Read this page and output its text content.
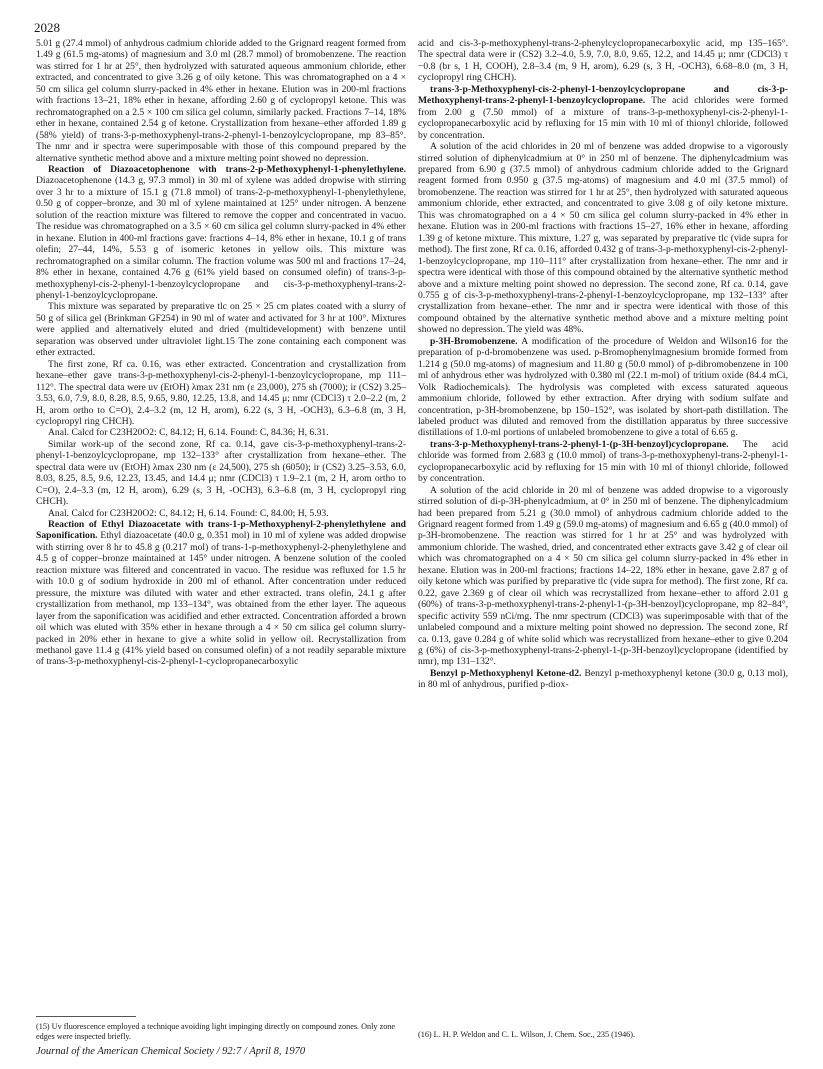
2028

5.01 g (27.4 mmol) of anhydrous cadmium chloride added to the Grignard reagent formed from 1.49 g (61.5 mg-atoms) of magnesium and 3.0 ml (28.7 mmol) of bromobenzene. The reaction was stirred for 1 hr at 25°, then hydrolyzed with saturated aqueous ammonium chloride, ether extracted, and concentrated to give 3.26 g of oily ketone. This was chromatographed on a 4 × 50 cm silica gel column slurry-packed in 4% ether in hexane. Elution was in 200-ml fractions with fractions 13–21, 18% ether in hexane, affording 2.60 g of cyclopropyl ketone. This was rechromatographed on a 2.5 × 100 cm silica gel column, similarly packed. Fractions 7–14, 18% ether in hexane, contained 2.54 g of ketone. Crystallization from hexane–ether afforded 1.89 g (58% yield) of trans-3-p-methoxyphenyl-trans-2-phenyl-1-benzoylcyclopropane, mp 83–85°. The nmr and ir spectra were superimposable with those of this compound prepared by the alternative synthetic method above and a mixture melting point showed no depression.

Reaction of Diazoacetophenone with trans-2-p-Methoxyphenyl-1-phenylethylene. Diazoacetophenone (14.3 g, 97.3 mmol) in 30 ml of xylene was added dropwise with stirring over 3 hr to a mixture of 15.1 g (71.8 mmol) of trans-2-p-methoxyphenyl-1-phenylethylene, 0.50 g of copper–bronze, and 30 ml of xylene maintained at 125° under nitrogen. A benzene solution of the reaction mixture was filtered to remove the copper and concentrated in vacuo. The residue was chromatographed on a 3.5 × 60 cm silica gel column slurry-packed in 4% ether in hexane. Elution in 400-ml fractions gave: fractions 4–14, 8% ether in hexane, 10.1 g of trans olefin; 27–44, 14%, 5.53 g of isomeric ketones in yellow oils. This mixture was rechromatographed on a similar column. The fraction volume was 500 ml and fractions 17–24, 8% ether in hexane, contained 4.76 g (61% yield based on consumed olefin) of trans-3-p-methoxyphenyl-cis-2-phenyl-1-benzoylcyclopropane and cis-3-p-methoxyphenyl-trans-2-phenyl-1-benzoylcyclopropane.

This mixture was separated by preparative tlc on 25 × 25 cm plates coated with a slurry of 50 g of silica gel (Brinkman GF254) in 90 ml of water and activated for 3 hr at 100°. Mixtures were applied and alternatively eluted and dried (multidevelopment) with benzene until separation was observed under ultraviolet light.15 The zone containing each component was ether extracted.

The first zone, Rf ca. 0.16, was ether extracted. Concentration and crystallization from hexane–ether gave trans-3-p-methoxyphenyl-cis-2-phenyl-1-benzoylcyclopropane, mp 111–112°. The spectral data were uv (EtOH) λmax 231 nm (ε 23,000), 275 sh (7000); ir (CS2) 3.25–3.53, 6.0, 7.9, 8.0, 8.28, 8.5, 9.65, 9.80, 12.25, 13.8, and 14.45 μ; nmr (CDCl3) τ 2.0–2.2 (m, 2 H, arom ortho to C=O), 2.4–3.2 (m, 12 H, arom), 6.22 (s, 3 H, -OCH3), 6.3–6.8 (m, 3 H, cyclopropyl ring CHCH).

Anal. Calcd for C23H20O2: C, 84.12; H, 6.14. Found: C, 84.36; H, 6.31.

Similar work-up of the second zone, Rf ca. 0.14, gave cis-3-p-methoxyphenyl-trans-2-phenyl-1-benzoylcyclopropane, mp 132–133° after crystallization from hexane–ether. The spectral data were uv (EtOH) λmax 230 nm (ε 24,500), 275 sh (6050); ir (CS2) 3.25–3.53, 6.0, 8.03, 8.25, 8.5, 9.6, 12.23, 13.45, and 14.4 μ; nmr (CDCl3) τ 1.9–2.1 (m, 2 H, arom ortho to C=O), 2.4–3.3 (m, 12 H, arom), 6.29 (s, 3 H, -OCH3), 6.3–6.8 (m, 3 H, cyclopropyl ring CHCH).

Anal. Calcd for C23H20O2: C, 84.12; H, 6.14. Found: C, 84.00; H, 5.93.

Reaction of Ethyl Diazoacetate with trans-1-p-Methoxyphenyl-2-phenylethylene and Saponification. Ethyl diazoacetate (40.0 g, 0.351 mol) in 10 ml of xylene was added dropwise with stirring over 8 hr to 45.8 g (0.217 mol) of trans-1-p-methoxyphenyl-2-phenylethylene and 4.5 g of copper–bronze maintained at 145° under nitrogen. A benzene solution of the cooled reaction mixture was filtered and concentrated in vacuo. The residue was refluxed for 1.5 hr with 10.0 g of sodium hydroxide in 200 ml of ethanol. After concentration under reduced pressure, the mixture was diluted with water and ether extracted. trans olefin, 24.1 g after crystallization from methanol, mp 133–134°, was obtained from the ether layer. The aqueous layer from the saponification was acidified and ether extracted. Concentration afforded a brown oil which was eluted with 35% ether in hexane through a 4 × 50 cm silica gel column slurry-packed in 20% ether in hexane to give a white solid in yellow oil. Recrystallization from methanol gave 11.4 g (41% yield based on consumed olefin) of a not readily separable mixture of trans-3-p-methoxyphenyl-cis-2-phenyl-1-cyclopropanecarboxylic

acid and cis-3-p-methoxyphenyl-trans-2-phenylcyclopropanecarboxylic acid, mp 135–165°. The spectral data were ir (CS2) 3.2–4.0, 5.9, 7.0, 8.0, 9.65, 12.2, and 14.45 μ; nmr (CDCl3) τ −0.8 (br s, 1 H, COOH), 2.8–3.4 (m, 9 H, arom), 6.29 (s, 3 H, -OCH3), 6.68–8.0 (m, 3 H, cyclopropyl ring CHCH).

trans-3-p-Methoxyphenyl-cis-2-phenyl-1-benzoylcyclopropane and cis-3-p-Methoxyphenyl-trans-2-phenyl-1-benzoylcyclopropane. The acid chlorides were formed from 2.00 g (7.50 mmol) of a mixture of trans-3-p-methoxyphenyl-cis-2-phenyl-1-cyclopropanecarboxylic acid by refluxing for 15 min with 10 ml of thionyl chloride, followed by concentration.

A solution of the acid chlorides in 20 ml of benzene was added dropwise to a vigorously stirred solution of diphenylcadmium at 0° in 250 ml of benzene. The diphenylcadmium was prepared from 6.90 g (37.5 mmol) of anhydrous cadmium chloride added to the Grignard reagent formed from 0.950 g (37.5 mg-atoms) of magnesium and 4.0 ml (37.5 mmol) of bromobenzene. The reaction was stirred for 1 hr at 25°, then hydrolyzed with saturated aqueous ammonium chloride, ether extracted, and concentrated to give 3.08 g of oily ketone mixture. This was chromatographed on a 4 × 50 cm silica gel column slurry-packed in 4% ether in hexane. Elution was in 200-ml fractions with fractions 15–27, 16% ether in hexane, affording 1.39 g of ketone mixture. This mixture, 1.27 g, was separated by preparative tlc (vide supra for method). The first zone, Rf ca. 0.16, afforded 0.432 g of trans-3-p-methoxyphenyl-cis-2-phenyl-1-benzoylcyclopropane, mp 110–111° after crystallization from hexane–ether. The nmr and ir spectra were identical with those of this compound obtained by the alternative synthetic method above and a mixture melting point showed no depression. The second zone, Rf ca. 0.14, gave 0.755 g of cis-3-p-methoxyphenyl-trans-2-phenyl-1-benzoylcyclopropane, mp 132–133° after crystallization from hexane–ether. The nmr and ir spectra were identical with those of this compound obtained by the alternative synthetic method above and a mixture melting point showed no depression. The yield was 48%.

p-3H-Bromobenzene. A modification of the procedure of Weldon and Wilson16 for the preparation of p-d-bromobenzene was used. p-Bromophenylmagnesium bromide formed from 1.214 g (50.0 mg-atoms) of magnesium and 11.80 g (50.0 mmol) of p-dibromobenzene in 100 ml of anhydrous ether was hydrolyzed with 0.380 ml (22.1 m-mol) of tritium oxide (84.4 mCi, Volk Radiochemicals). The hydrolysis was completed with excess saturated aqueous ammonium chloride, followed by ether extraction. After drying with sodium sulfate and concentration, p-3H-bromobenzene, bp 150–152°, was isolated by short-path distillation. The labeled product was diluted and removed from the distillation apparatus by three successive distillations of 1.0-ml portions of unlabeled bromobenzene to give a total of 6.65 g.

trans-3-p-Methoxyphenyl-trans-2-phenyl-1-(p-3H-benzoyl)cyclopropane. The acid chloride was formed from 2.683 g (10.0 mmol) of trans-3-p-methoxyphenyl-trans-2-phenyl-1-cyclopropanecarboxylic acid by refluxing for 15 min with 10 ml of thionyl chloride, followed by concentration.

A solution of the acid chloride in 20 ml of benzene was added dropwise to a vigorously stirred solution of di-p-3H-phenylcadmium, at 0° in 250 ml of benzene. The diphenylcadmium had been prepared from 5.21 g (30.0 mmol) of anhydrous cadmium chloride added to the Grignard reagent formed from 1.49 g (59.0 mg-atoms) of magnesium and 6.65 g (40.0 mmol) of p-3H-bromobenzene. The reaction was stirred for 1 hr at 25° and was hydrolyzed with ammonium chloride. The washed, dried, and concentrated ether extracts gave 3.42 g of clear oil which was chromatographed on a 4 × 50 cm silica gel column slurry-packed in 4% ether in hexane. Elution was in 200-ml fractions; fractions 14–22, 18% ether in hexane, gave 2.87 g of oily ketone which was purified by preparative tlc (vide supra for method). The first zone, Rf ca. 0.22, gave 2.369 g of clear oil which was recrystallized from hexane–ether to afford 2.01 g (60%) of trans-3-p-methoxyphenyl-trans-2-phenyl-1-(p-3H-benzoyl)cyclopropane, mp 82–84°, specific activity 559 nCi/mg. The nmr spectrum (CDCl3) was superimposable with that of the unlabeled compound and a mixture melting point showed no depression. The second zone, Rf ca. 0.13, gave 0.284 g of white solid which was recrystallized from hexane–ether to give 0.204 g (6%) of cis-3-p-methoxyphenyl-trans-2-phenyl-1-(p-3H-benzoyl)cyclopropane (identified by nmr), mp 131–132°.

Benzyl p-Methoxyphenyl Ketone-d2. Benzyl p-methoxyphenyl ketone (30.0 g, 0.13 mol), in 80 ml of anhydrous, purified p-diox-

(15) Uv fluorescence employed a technique avoiding light impinging directly on compound zones. Only zone edges were inspected briefly.	(16) L. H. P. Weldon and C. L. Wilson, J. Chem. Soc., 235 (1946).
Journal of the American Chemical Society / 92:7 / April 8, 1970
